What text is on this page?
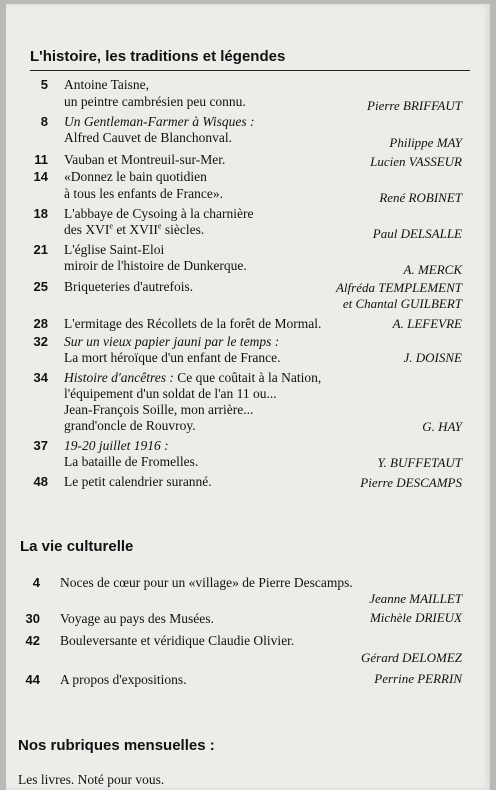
L'histoire, les traditions et légendes
5 Antoine Taisne,
un peintre cambrésien peu connu.	Pierre BRIFFAUT
8 Un Gentleman-Farmer à Wisques :
Alfred Cauvet de Blanchonval.	Philippe MAY
11 Vauban et Montreuil-sur-Mer.	Lucien VASSEUR
14 «Donnez le bain quotidien
à tous les enfants de France».	René ROBINET
18 L'abbaye de Cysoing à la charnière
des XVIe et XVIIe siècles.	Paul DELSALLE
21 L'église Saint-Eloi
miroir de l'histoire de Dunkerque.	A. MERCK
25 Briqueteries d'autrefois.	Alfréda TEMPLEMENT
et Chantal GUILBERT
28 L'ermitage des Récollets de la forêt de Mormal.	A. LEFEVRE
32 Sur un vieux papier jauni par le temps :
La mort héroïque d'un enfant de France.	J. DOISNE
34 Histoire d'ancêtres : Ce que coûtait à la Nation,
l'équipement d'un soldat de l'an 11 ou...
Jean-François Soille, mon arrière...
grand'oncle de Rouvroy.	G. HAY
37 19-20 juillet 1916 :
La bataille de Fromelles.	Y. BUFFETAUT
48 Le petit calendrier suranné.	Pierre DESCAMPS
La vie culturelle
4 Noces de cœur pour un «village» de Pierre Descamps.
Jeanne MAILLET
30 Voyage au pays des Musées.	Michèle DRIEUX
42 Bouleversante et véridique Claudie Olivier.
Gérard DELOMEZ
44 A propos d'expositions.	Perrine PERRIN
Nos rubriques mensuelles :
Les livres. Noté pour vous.
